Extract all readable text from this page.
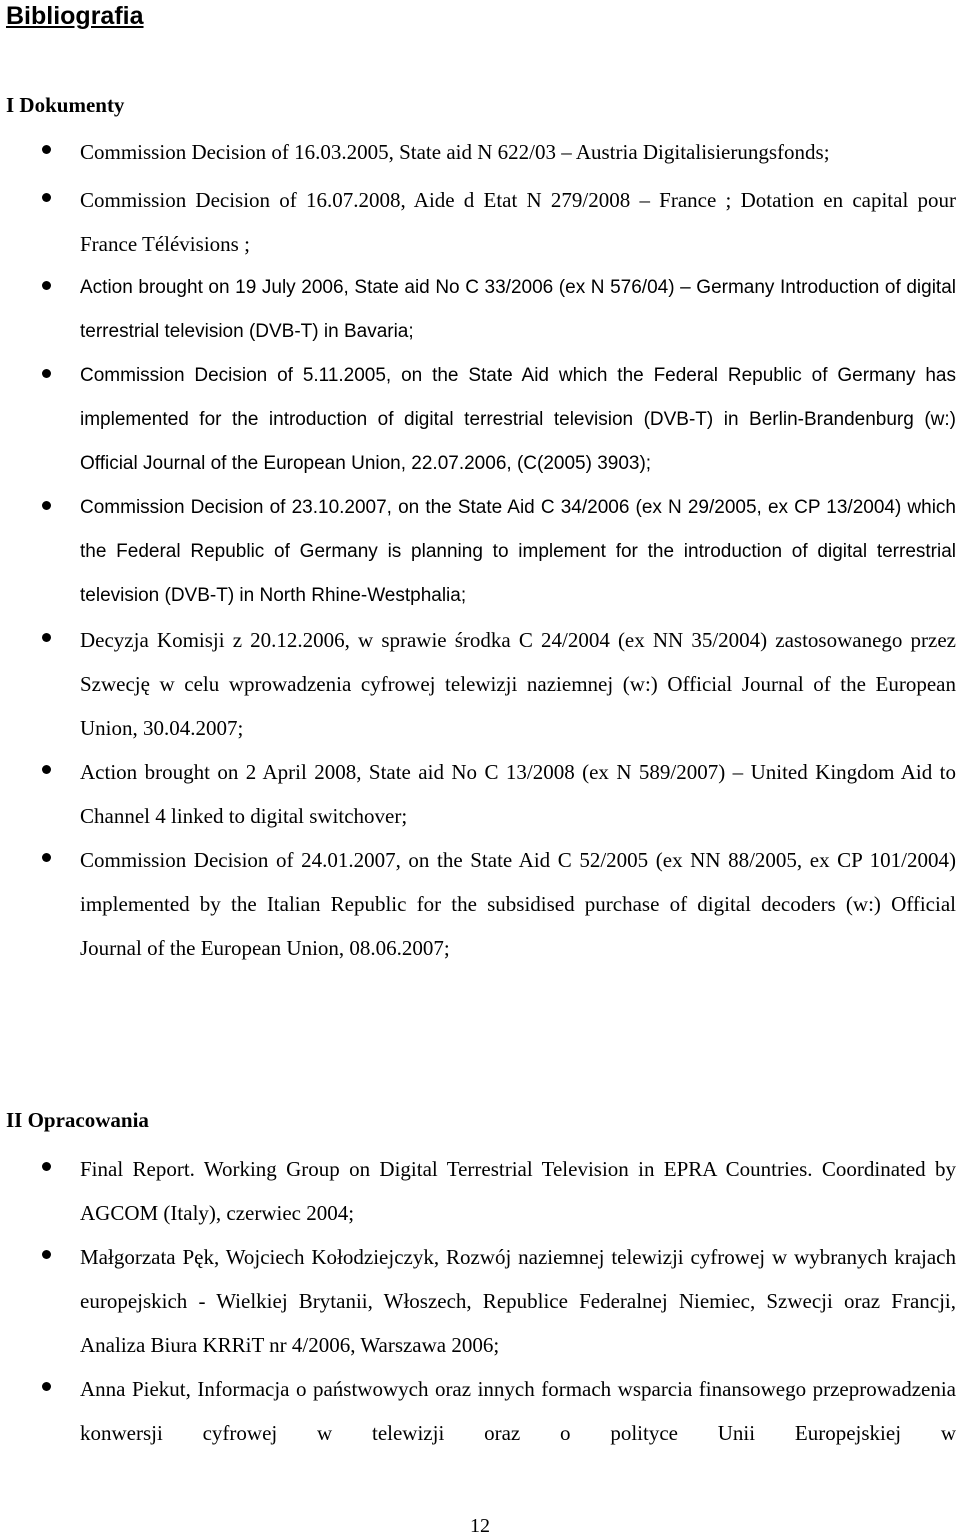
Bibliografia
I Dokumenty
Commission Decision of 16.03.2005, State aid N 622/03 – Austria Digitalisierungsfonds;
Commission Decision of 16.07.2008, Aide d Etat N 279/2008 – France ; Dotation en capital pour France Télévisions ;
Action brought on 19 July 2006, State aid No C 33/2006 (ex N 576/04) – Germany Introduction of digital terrestrial television (DVB-T) in Bavaria;
Commission Decision of 5.11.2005, on the State Aid which the Federal Republic of Germany has implemented for the introduction of digital terrestrial television (DVB-T) in Berlin-Brandenburg (w:) Official Journal of the European Union, 22.07.2006, (C(2005) 3903);
Commission Decision of 23.10.2007, on the State Aid C 34/2006 (ex N 29/2005, ex CP 13/2004) which the Federal Republic of Germany is planning to implement for the introduction of digital terrestrial television (DVB-T) in North Rhine-Westphalia;
Decyzja Komisji z 20.12.2006, w sprawie środka C 24/2004 (ex NN 35/2004) zastosowanego przez Szwecję w celu wprowadzenia cyfrowej telewizji naziemnej (w:) Official Journal of the European Union, 30.04.2007;
Action brought on 2 April 2008, State aid No C 13/2008 (ex N 589/2007) – United Kingdom Aid to Channel 4 linked to digital switchover;
Commission Decision of 24.01.2007, on the State Aid C 52/2005 (ex NN 88/2005, ex CP 101/2004) implemented by the Italian Republic for the subsidised purchase of digital decoders (w:) Official Journal of the European Union, 08.06.2007;
II Opracowania
Final Report. Working Group on Digital Terrestrial Television in EPRA Countries. Coordinated by AGCOM (Italy), czerwiec 2004;
Małgorzata Pęk, Wojciech Kołodziejczyk, Rozwój naziemnej telewizji cyfrowej w wybranych krajach europejskich - Wielkiej Brytanii, Włoszech, Republice Federalnej Niemiec, Szwecji oraz Francji, Analiza Biura KRRiT nr 4/2006, Warszawa 2006;
Anna Piekut, Informacja o państwowych oraz innych formach wsparcia finansowego przeprowadzenia konwersji cyfrowej w telewizji oraz o polityce Unii Europejskiej w
12
